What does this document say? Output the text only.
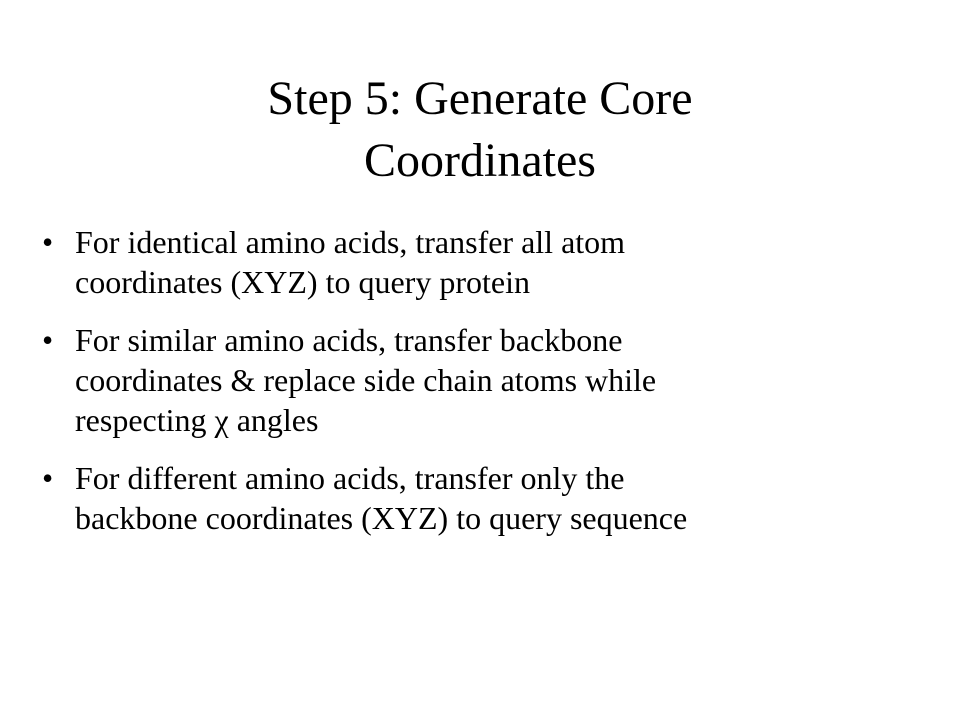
Step 5: Generate Core
Coordinates
• For identical amino acids, transfer all atom
coordinates (XYZ) to query protein
• For similar amino acids, transfer backbone
coordinates & replace side chain atoms while
respecting χ angles
• For different amino acids, transfer only the
backbone coordinates (XYZ) to query sequence
